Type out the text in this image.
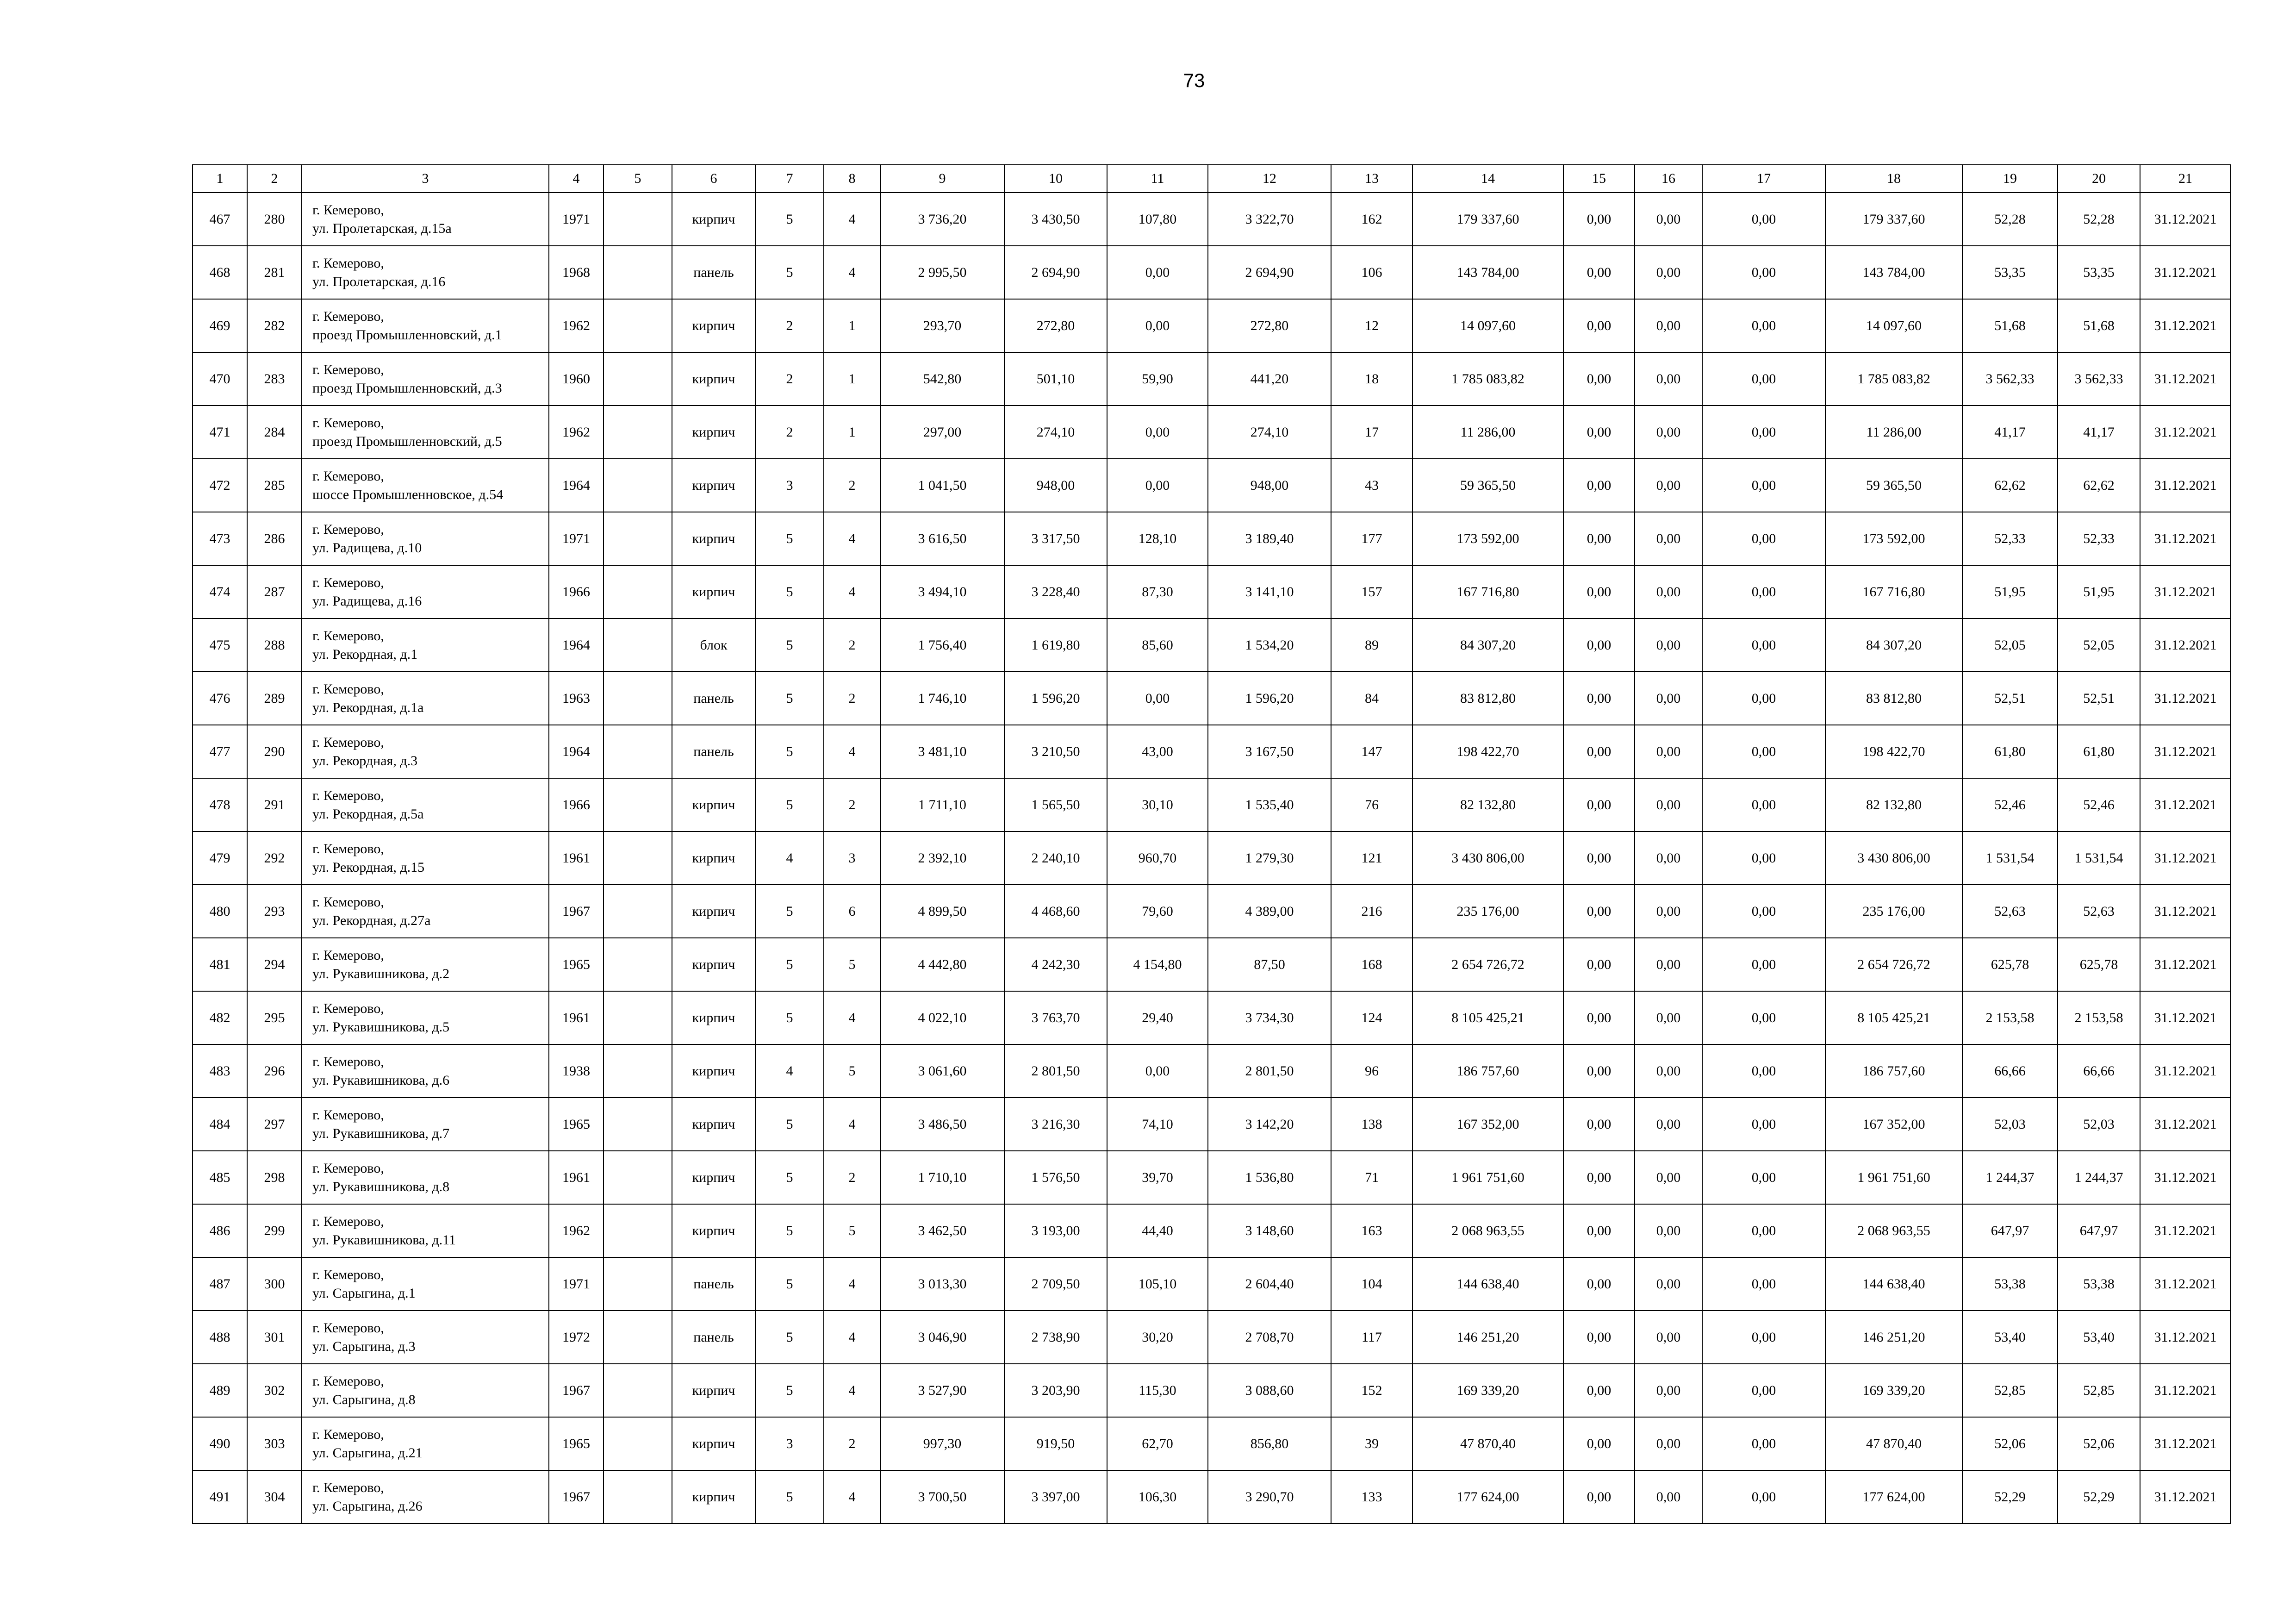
73
1	2	3	4	5	6	7	8	9	10	11	12	13	14	15	16	17	18	19	20	21
467	280	г. Кемерово,
ул. Пролетарская, д.15а	1971		кирпич	5	4	3 736,20	3 430,50	107,80	3 322,70	162	179 337,60	0,00	0,00	0,00	179 337,60	52,28	52,28	31.12.2021
468	281	г. Кемерово,
ул. Пролетарская, д.16	1968		панель	5	4	2 995,50	2 694,90	0,00	2 694,90	106	143 784,00	0,00	0,00	0,00	143 784,00	53,35	53,35	31.12.2021
469	282	г. Кемерово,
проезд Промышленновский, д.1	1962		кирпич	2	1	293,70	272,80	0,00	272,80	12	14 097,60	0,00	0,00	0,00	14 097,60	51,68	51,68	31.12.2021
470	283	г. Кемерово,
проезд Промышленновский, д.3	1960		кирпич	2	1	542,80	501,10	59,90	441,20	18	1 785 083,82	0,00	0,00	0,00	1 785 083,82	3 562,33	3 562,33	31.12.2021
471	284	г. Кемерово,
проезд Промышленновский, д.5	1962		кирпич	2	1	297,00	274,10	0,00	274,10	17	11 286,00	0,00	0,00	0,00	11 286,00	41,17	41,17	31.12.2021
472	285	г. Кемерово,
шоссе Промышленновское, д.54	1964		кирпич	3	2	1 041,50	948,00	0,00	948,00	43	59 365,50	0,00	0,00	0,00	59 365,50	62,62	62,62	31.12.2021
473	286	г. Кемерово,
ул. Радищева, д.10	1971		кирпич	5	4	3 616,50	3 317,50	128,10	3 189,40	177	173 592,00	0,00	0,00	0,00	173 592,00	52,33	52,33	31.12.2021
474	287	г. Кемерово,
ул. Радищева, д.16	1966		кирпич	5	4	3 494,10	3 228,40	87,30	3 141,10	157	167 716,80	0,00	0,00	0,00	167 716,80	51,95	51,95	31.12.2021
475	288	г. Кемерово,
ул. Рекордная, д.1	1964		блок	5	2	1 756,40	1 619,80	85,60	1 534,20	89	84 307,20	0,00	0,00	0,00	84 307,20	52,05	52,05	31.12.2021
476	289	г. Кемерово,
ул. Рекордная, д.1а	1963		панель	5	2	1 746,10	1 596,20	0,00	1 596,20	84	83 812,80	0,00	0,00	0,00	83 812,80	52,51	52,51	31.12.2021
477	290	г. Кемерово,
ул. Рекордная, д.3	1964		панель	5	4	3 481,10	3 210,50	43,00	3 167,50	147	198 422,70	0,00	0,00	0,00	198 422,70	61,80	61,80	31.12.2021
478	291	г. Кемерово,
ул. Рекордная, д.5а	1966		кирпич	5	2	1 711,10	1 565,50	30,10	1 535,40	76	82 132,80	0,00	0,00	0,00	82 132,80	52,46	52,46	31.12.2021
479	292	г. Кемерово,
ул. Рекордная, д.15	1961		кирпич	4	3	2 392,10	2 240,10	960,70	1 279,30	121	3 430 806,00	0,00	0,00	0,00	3 430 806,00	1 531,54	1 531,54	31.12.2021
480	293	г. Кемерово,
ул. Рекордная, д.27а	1967		кирпич	5	6	4 899,50	4 468,60	79,60	4 389,00	216	235 176,00	0,00	0,00	0,00	235 176,00	52,63	52,63	31.12.2021
481	294	г. Кемерово,
ул. Рукавишникова, д.2	1965		кирпич	5	5	4 442,80	4 242,30	4 154,80	87,50	168	2 654 726,72	0,00	0,00	0,00	2 654 726,72	625,78	625,78	31.12.2021
482	295	г. Кемерово,
ул. Рукавишникова, д.5	1961		кирпич	5	4	4 022,10	3 763,70	29,40	3 734,30	124	8 105 425,21	0,00	0,00	0,00	8 105 425,21	2 153,58	2 153,58	31.12.2021
483	296	г. Кемерово,
ул. Рукавишникова, д.6	1938		кирпич	4	5	3 061,60	2 801,50	0,00	2 801,50	96	186 757,60	0,00	0,00	0,00	186 757,60	66,66	66,66	31.12.2021
484	297	г. Кемерово,
ул. Рукавишникова, д.7	1965		кирпич	5	4	3 486,50	3 216,30	74,10	3 142,20	138	167 352,00	0,00	0,00	0,00	167 352,00	52,03	52,03	31.12.2021
485	298	г. Кемерово,
ул. Рукавишникова, д.8	1961		кирпич	5	2	1 710,10	1 576,50	39,70	1 536,80	71	1 961 751,60	0,00	0,00	0,00	1 961 751,60	1 244,37	1 244,37	31.12.2021
486	299	г. Кемерово,
ул. Рукавишникова, д.11	1962		кирпич	5	5	3 462,50	3 193,00	44,40	3 148,60	163	2 068 963,55	0,00	0,00	0,00	2 068 963,55	647,97	647,97	31.12.2021
487	300	г. Кемерово,
ул. Сарыгина, д.1	1971		панель	5	4	3 013,30	2 709,50	105,10	2 604,40	104	144 638,40	0,00	0,00	0,00	144 638,40	53,38	53,38	31.12.2021
488	301	г. Кемерово,
ул. Сарыгина, д.3	1972		панель	5	4	3 046,90	2 738,90	30,20	2 708,70	117	146 251,20	0,00	0,00	0,00	146 251,20	53,40	53,40	31.12.2021
489	302	г. Кемерово,
ул. Сарыгина, д.8	1967		кирпич	5	4	3 527,90	3 203,90	115,30	3 088,60	152	169 339,20	0,00	0,00	0,00	169 339,20	52,85	52,85	31.12.2021
490	303	г. Кемерово,
ул. Сарыгина, д.21	1965		кирпич	3	2	997,30	919,50	62,70	856,80	39	47 870,40	0,00	0,00	0,00	47 870,40	52,06	52,06	31.12.2021
491	304	г. Кемерово,
ул. Сарыгина, д.26	1967		кирпич	5	4	3 700,50	3 397,00	106,30	3 290,70	133	177 624,00	0,00	0,00	0,00	177 624,00	52,29	52,29	31.12.2021
